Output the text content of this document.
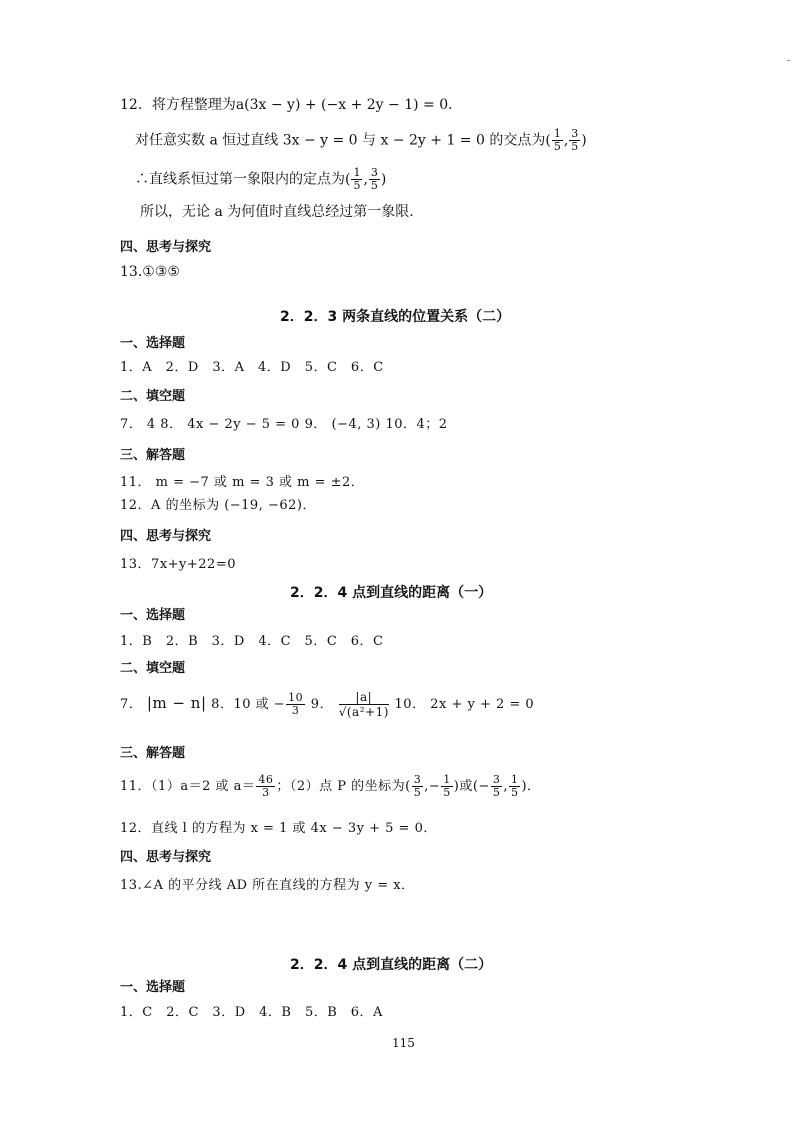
12．将方程整理为a(3x − y) + (−x + 2y − 1) = 0．
对任意实数 a 恒过直线 3x − y = 0 与 x − 2y + 1 = 0 的交点为( $\frac{1}{5}$ , $\frac{3}{5}$ )
∴直线系恒过第一象限内的定点为( $\frac{1}{5}$ , $\frac{3}{5}$ )
所以，无论 a 为何值时直线总经过第一象限.
四、思考与探究
13.①③⑤
2．2．3 两条直线的位置关系（二）
一、选择题
1．A　2．D　3．A　4．D　5．C　6．C
二、填空题
7． 4 8． 4x − 2y − 5 = 0 9． (−4, 3) 10．4；2
三、解答题
11． m = −7 或 m = 3 或 m = ±2．
12．A 的坐标为 (−19, −62)．
四、思考与探究
13．7x+y+22=0
2．2．4 点到直线的距离（一）
一、选择题
1．B　2．B　3．D　4．C　5．C　6．C
二、填空题
7． |m − n| 8．10 或 − $\frac{10}{3} 9$． $\frac{|a|}{\text{√(a²+1)}} 10$． 2x + y + 2 = 0
三、解答题
11．（1）a＝2 或 $a= \frac{46}{3}$ ；（2）点 P 的坐标为( $\frac{3}{5}$ ,− $\frac{1}{5}$ )或(− $\frac{3}{5}$ , $\frac{1}{5}$ )．
12．直线 l 的方程为 x = 1 或 4x − 3y + 5 = 0．
四、思考与探究
13.∠A 的平分线 AD 所在直线的方程为 y = x．
2．2．4 点到直线的距离（二）
一、选择题
1．C　2．C　3．D　4．B　5．B　6．A
115
